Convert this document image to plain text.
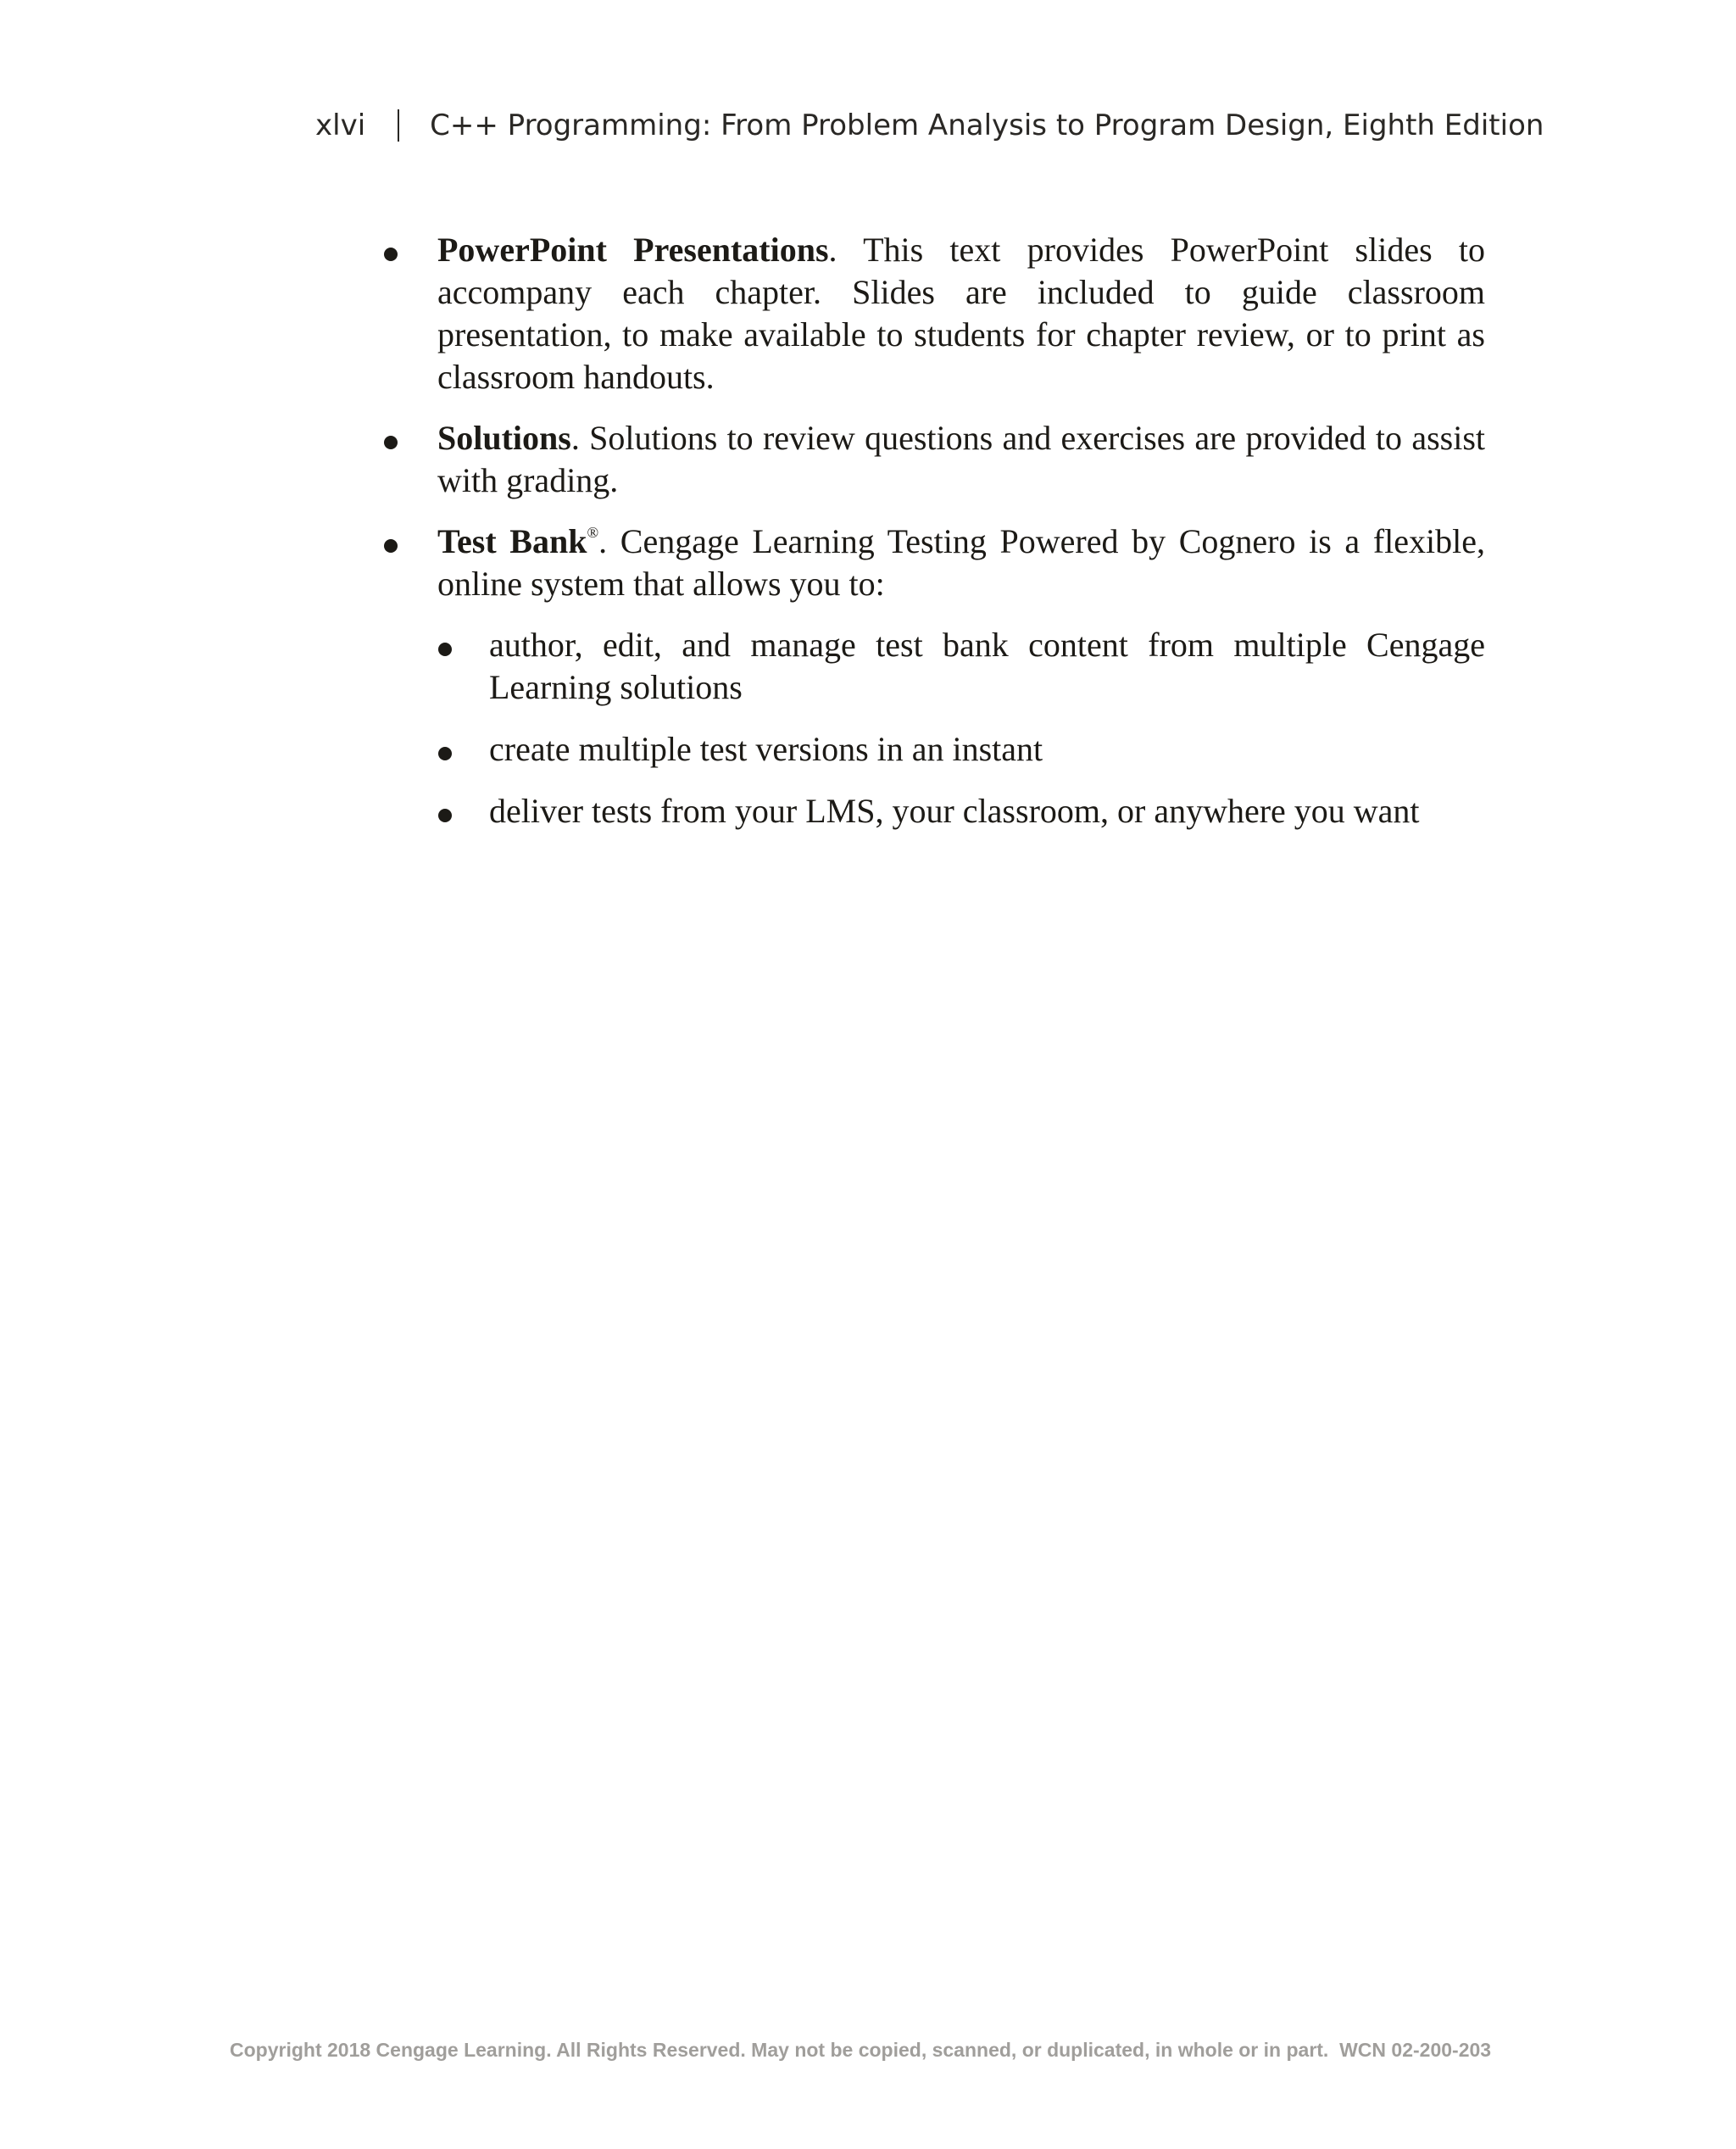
xlvi C++ Programming: From Problem Analysis to Program Design, Eighth Edition
PowerPoint Presentations. This text provides PowerPoint slides to accompany each chapter. Slides are included to guide classroom presentation, to make available to students for chapter review, or to print as classroom handouts.
Solutions. Solutions to review questions and exercises are provided to assist with grading.
Test Bank®. Cengage Learning Testing Powered by Cognero is a flexible, online system that allows you to:
author, edit, and manage test bank content from multiple Cengage Learning solutions
create multiple test versions in an instant
deliver tests from your LMS, your classroom, or anywhere you want
Copyright 2018 Cengage Learning. All Rights Reserved. May not be copied, scanned, or duplicated, in whole or in part.  WCN 02-200-203
